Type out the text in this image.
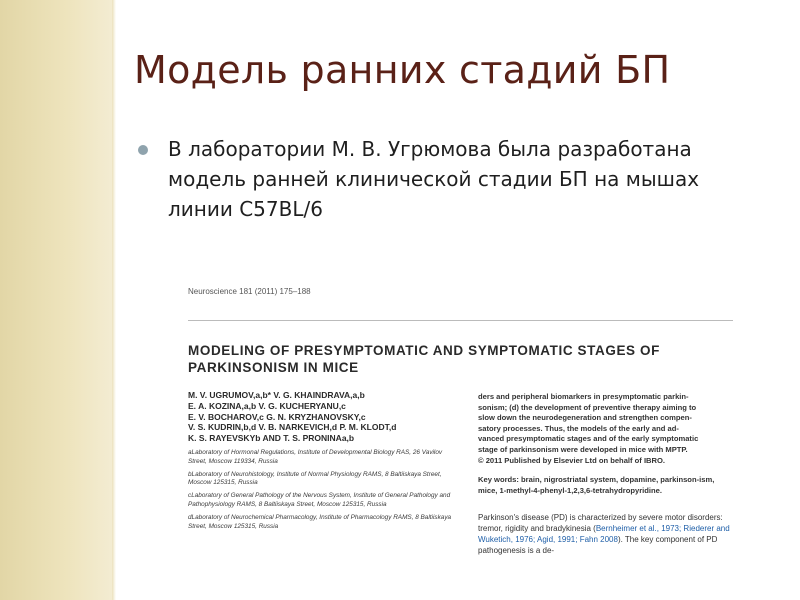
Модель ранних стадий БП

В лаборатории М. В. Угрюмова была разработана модель ранней клинической стадии БП на мышах линии C57BL/6

Neuroscience 181 (2011) 175–188
MODELING OF PRESYMPTOMATIC AND SYMPTOMATIC STAGES OF PARKINSONISM IN MICE

M. V. UGRUMOV,a,b* V. G. KHAINDRAVA,a,b

E. A. KOZINA,a,b V. G. KUCHERYANU,c

E. V. BOCHAROV,c G. N. KRYZHANOVSKY,c

V. S. KUDRIN,b,d V. B. NARKEVICH,d P. M. KLODT,d

K. S. RAYEVSKYb AND T. S. PRONINAa,b

aLaboratory of Hormonal Regulations, Institute of Developmental Biology RAS, 26 Vavilov Street, Moscow 119334, Russia

bLaboratory of Neurohistology, Institute of Normal Physiology RAMS, 8 Baltiiskaya Street, Moscow 125315, Russia

cLaboratory of General Pathology of the Nervous System, Institute of General Pathology and Pathophysiology RAMS, 8 Baltiiskaya Street, Moscow 125315, Russia

dLaboratory of Neurochemical Pharmacology, Institute of Pharmacology RAMS, 8 Baltiiskaya Street, Moscow 125315, Russia

ders and peripheral biomarkers in presymptomatic parkin-
sonism; (d) the development of preventive therapy aiming to
slow down the neurodegeneration and strengthen compen-
satory processes. Thus, the models of the early and ad-
vanced presymptomatic stages and of the early symptomatic
stage of parkinsonism were developed in mice with MPTP.
© 2011 Published by Elsevier Ltd on behalf of IBRO.

Key words: brain, nigrostriatal system, dopamine, parkinson-ism, mice, 1-methyl-4-phenyl-1,2,3,6-tetrahydropyridine.

Parkinson's disease (PD) is characterized by severe motor disorders: tremor, rigidity and bradykinesia (Bernheimer et al., 1973; Riederer and Wuketich, 1976; Agid, 1991; Fahn 2008). The key component of PD pathogenesis is a de-
